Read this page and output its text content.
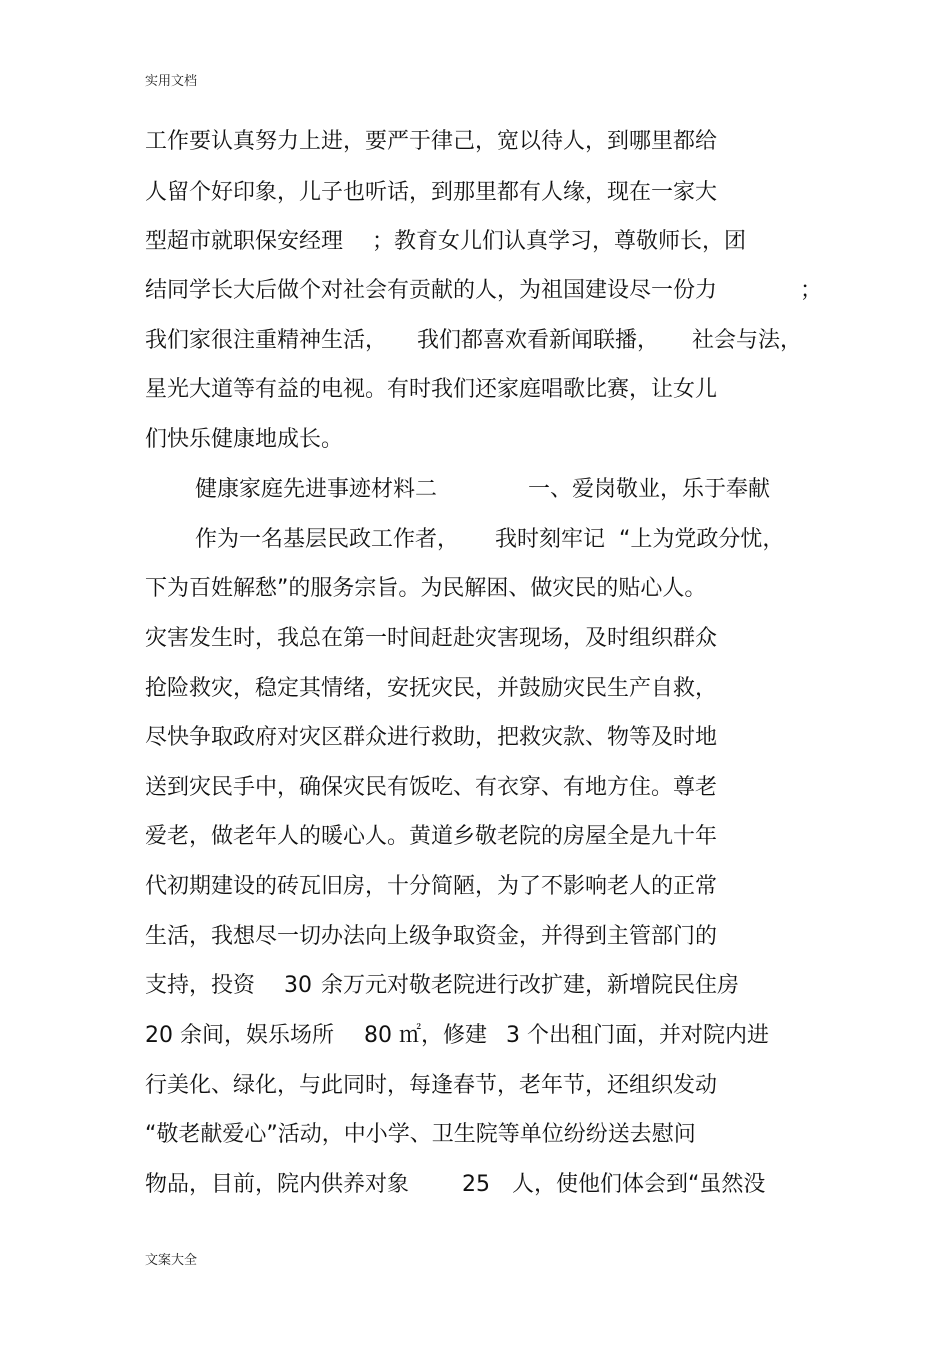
实用文档

工作要认真努力上进，要严于律己，宽以待人，到哪里都给

人留个好印象，儿子也听话，到那里都有人缘，现在一家大

型超市就职保安经理

；教育女儿们认真学习，尊敬师长，团

结同学长大后做个对社会有贡献的人，为祖国建设尽一份力

	；

我们家很注重精神生活，

我们都喜欢看新闻联播，

社会与法，

星光大道等有益的电视。有时我们还家庭唱歌比赛，让女儿

们快乐健康地成长。

健康家庭先进事迹材料二

	一、爱岗敬业，乐于奉献

作为一名基层民政工作者，

我时刻牢记  “上为党政分忧，

下为百姓解愁”的服务宗旨。为民解困、做灾民的贴心人。

灾害发生时，我总在第一时间赶赴灾害现场，及时组织群众

抢险救灾，稳定其情绪，安抚灾民，并鼓励灾民生产自救，

尽快争取政府对灾区群众进行救助，把救灾款、物等及时地

送到灾民手中，确保灾民有饭吃、有衣穿、有地方住。尊老

爱老，做老年人的暖心人。黄道乡敬老院的房屋全是九十年

代初期建设的砖瓦旧房，十分简陋，为了不影响老人的正常

生活，我想尽一切办法向上级争取资金，并得到主管部门的

支持，投资

30

余万元对敬老院进行改扩建，新增院民住房

20 余间，娱乐场所

80 ㎡，修建

3 个出租门面，并对院内进

行美化、绿化，与此同时，每逢春节，老年节，还组织发动

“敬老献爱心”活动，中小学、卫生院等单位纷纷送去慰问

物品，目前，院内供养对象

25

人，使他们体会到“虽然没

文案大全
